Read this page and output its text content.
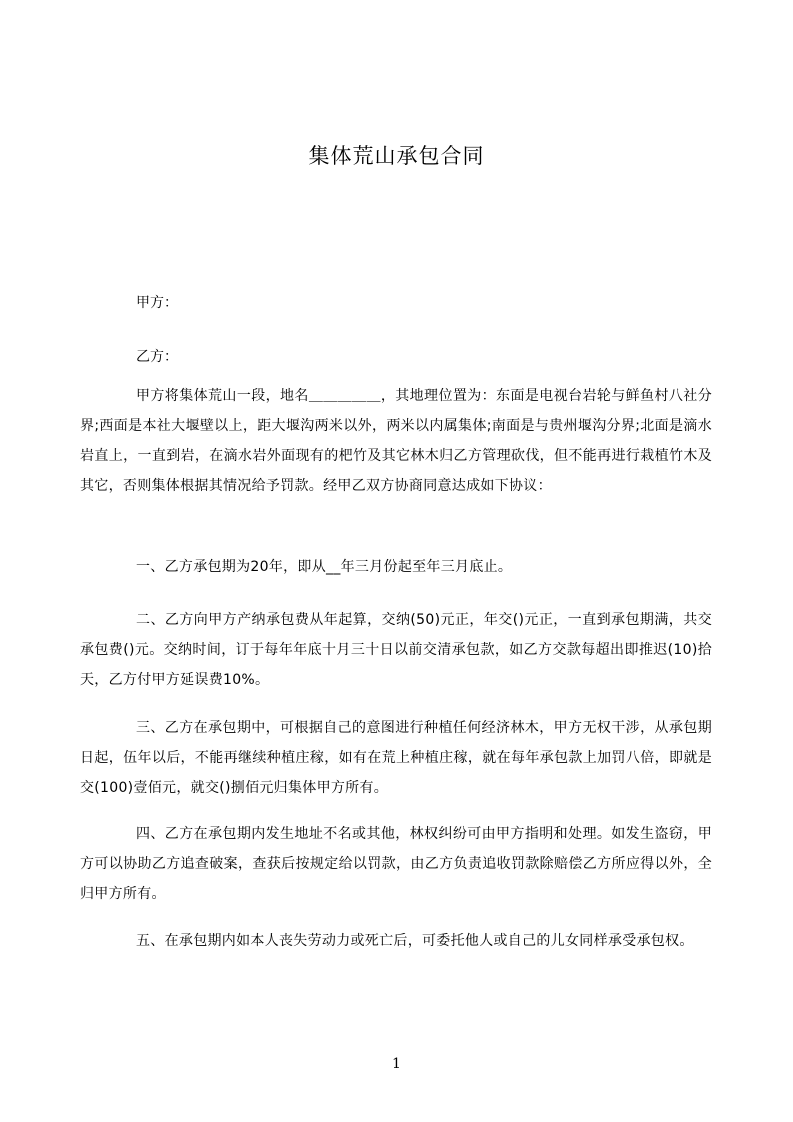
集体荒山承包合同
甲方：
乙方：

甲方将集体荒山一段，地名＿＿＿＿＿，其地理位置为：东面是电视台岩轮与鲜鱼村八社分界;西面是本社大堰壁以上，距大堰沟两米以外，两米以内属集体;南面是与贵州堰沟分界;北面是滴水岩直上，一直到岩，在滴水岩外面现有的杷竹及其它林木归乙方管理砍伐，但不能再进行栽植竹木及其它，否则集体根据其情况给予罚款。经甲乙双方协商同意达成如下协议：

一、乙方承包期为20年，即从__年三月份起至年三月底止。

二、乙方向甲方产纳承包费从年起算，交纳(50)元正，年交()元正，一直到承包期满，共交承包费()元。交纳时间，订于每年年底十月三十日以前交清承包款，如乙方交款每超出即推迟(10)拾天，乙方付甲方延误费10%。

三、乙方在承包期中，可根据自己的意图进行种植任何经济林木，甲方无权干涉，从承包期日起，伍年以后，不能再继续种植庄稼，如有在荒上种植庄稼，就在每年承包款上加罚八倍，即就是交(100)壹佰元，就交()捌佰元归集体甲方所有。

四、乙方在承包期内发生地址不名或其他，林权纠纷可由甲方指明和处理。如发生盗窃，甲方可以协助乙方追查破案，查获后按规定给以罚款，由乙方负责追收罚款除赔偿乙方所应得以外，全归甲方所有。

五、在承包期内如本人丧失劳动力或死亡后，可委托他人或自己的儿女同样承受承包权。

1
